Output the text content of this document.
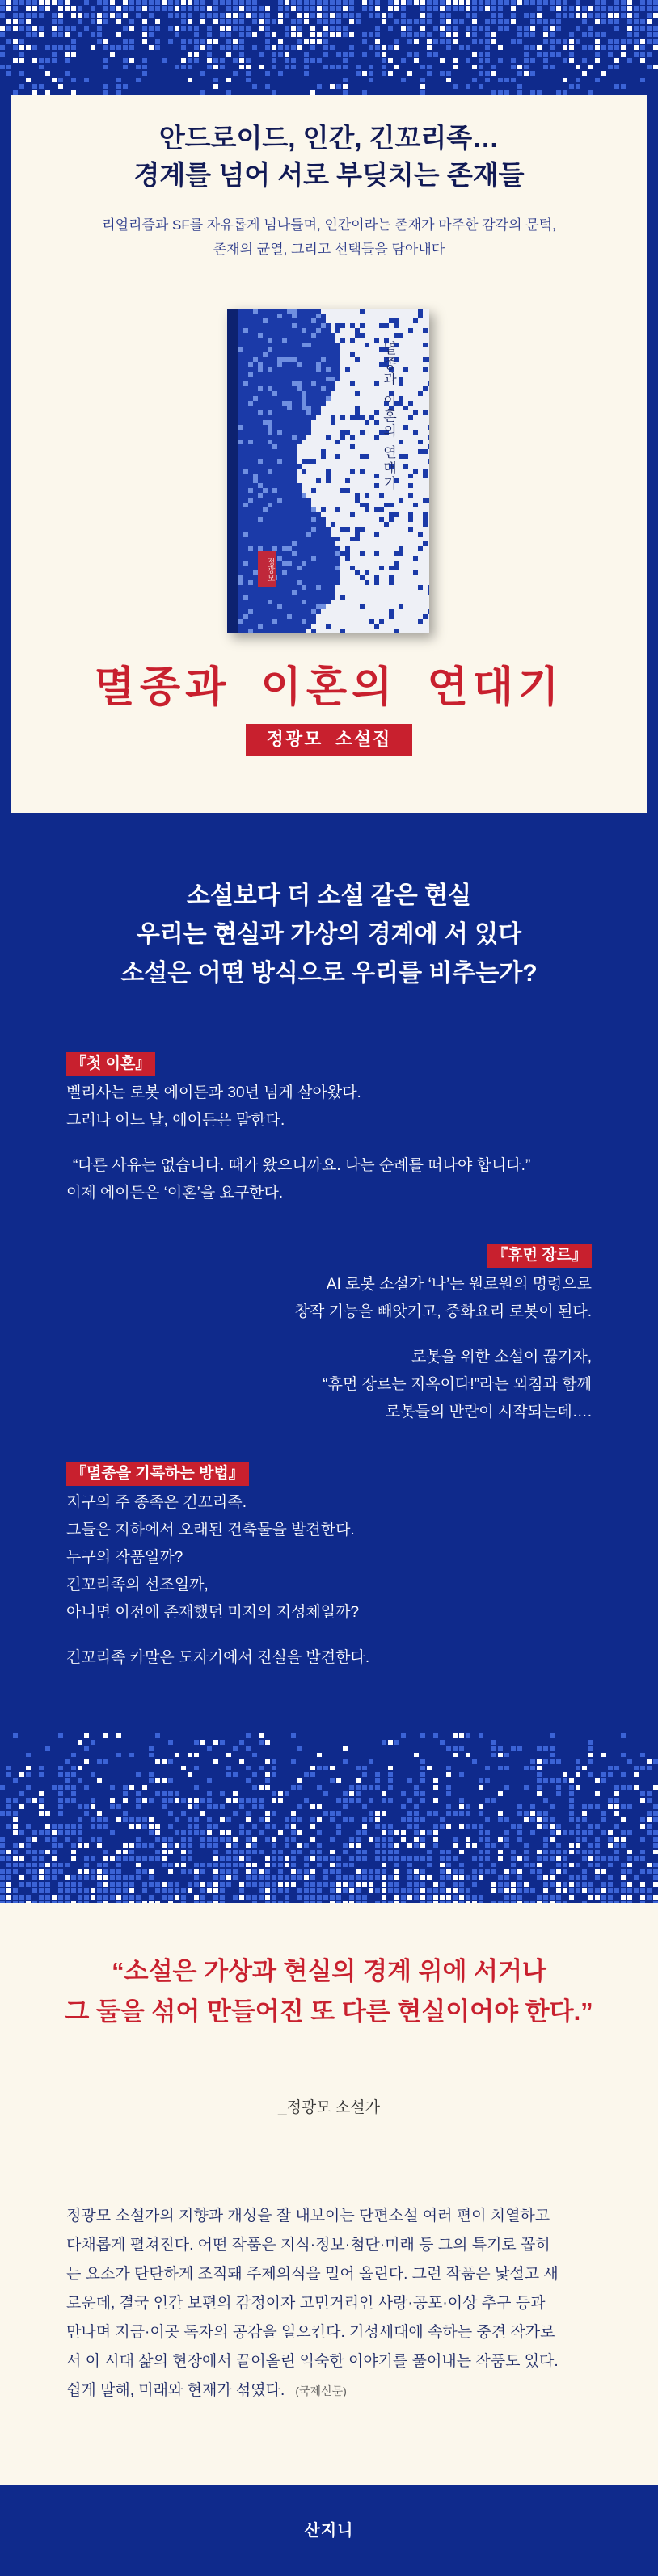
안드로이드, 인간, 긴꼬리족…
경계를 넘어 서로 부딪치는 존재들
리얼리즘과 SF를 자유롭게 넘나들며, 인간이라는 존재가 마주한 감각의 문턱,
존재의 균열, 그리고 선택들을 담아내다
멸종과 이혼의 연대기
정광모
멸종과 이혼의 연대기
정광모 소설집
소설보다 더 소설 같은 현실
우리는 현실과 가상의 경계에 서 있다
소설은 어떤 방식으로 우리를 비추는가?
『첫 이혼』

벨리사는 로봇 에이든과 30년 넘게 살아왔다.

그러나 어느 날, 에이든은 말한다.

“다른 사유는 없습니다. 때가 왔으니까요. 나는 순례를 떠나야 합니다.”

이제 에이든은 ‘이혼’을 요구한다.

『휴먼 장르』

AI 로봇 소설가 ‘나’는 원로원의 명령으로

창작 기능을 빼앗기고, 중화요리 로봇이 된다.

로봇을 위한 소설이 끊기자,

“휴먼 장르는 지옥이다!”라는 외침과 함께

로봇들의 반란이 시작되는데….

『멸종을 기록하는 방법』

지구의 주 종족은 긴꼬리족.

그들은 지하에서 오래된 건축물을 발견한다.

누구의 작품일까?

긴꼬리족의 선조일까,

아니면 이전에 존재했던 미지의 지성체일까?

긴꼬리족 카말은 도자기에서 진실을 발견한다.

“소설은 가상과 현실의 경계 위에 서거나
그 둘을 섞어 만들어진 또 다른 현실이어야 한다.”
_정광모 소설가

정광모 소설가의 지향과 개성을 잘 내보이는 단편소설 여러 편이 치열하고

다채롭게 펼쳐진다. 어떤 작품은 지식·정보·첨단·미래 등 그의 특기로 꼽히

는 요소가 탄탄하게 조직돼 주제의식을 밀어 올린다. 그런 작품은 낯설고 새

로운데, 결국 인간 보편의 감정이자 고민거리인 사랑·공포·이상 추구 등과

만나며 지금·이곳 독자의 공감을 일으킨다. 기성세대에 속하는 중견 작가로

서 이 시대 삶의 현장에서 끌어올린 익숙한 이야기를 풀어내는 작품도 있다.

쉽게 말해, 미래와 현재가 섞였다. _(국제신문)

산지니
